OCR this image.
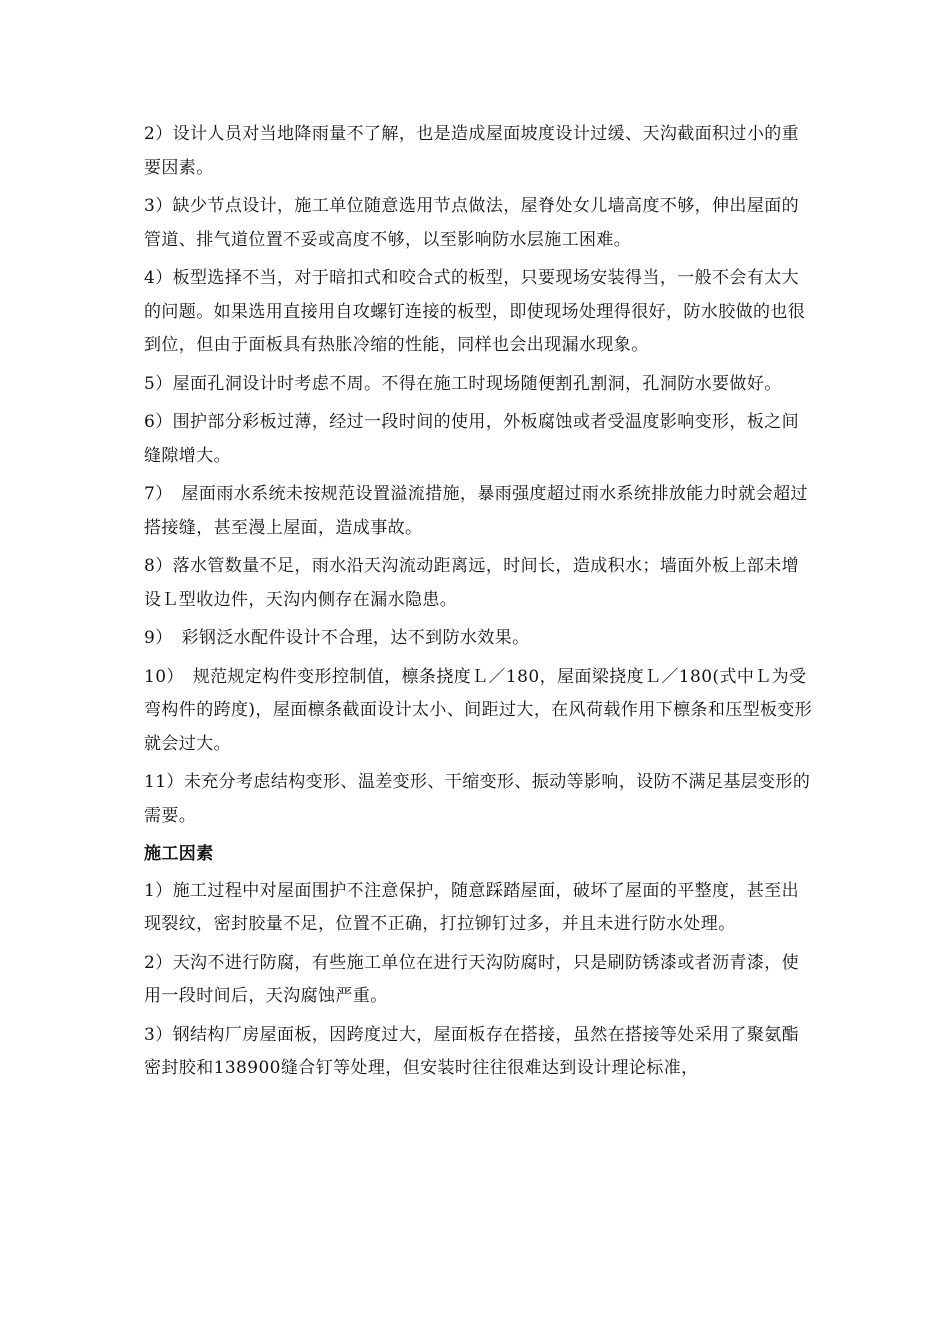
2）设计人员对当地降雨量不了解，也是造成屋面坡度设计过缓、天沟截面积过小的重要因素。

3）缺少节点设计，施工单位随意选用节点做法，屋脊处女儿墙高度不够，伸出屋面的管道、排气道位置不妥或高度不够，以至影响防水层施工困难。

4）板型选择不当，对于暗扣式和咬合式的板型，只要现场安装得当，一般不会有太大的问题。如果选用直接用自攻螺钉连接的板型，即使现场处理得很好，防水胶做的也很到位，但由于面板具有热胀冷缩的性能，同样也会出现漏水现象。

5）屋面孔洞设计时考虑不周。不得在施工时现场随便割孔割洞，孔洞防水要做好。

6）围护部分彩板过薄，经过一段时间的使用，外板腐蚀或者受温度影响变形，板之间缝隙增大。

7）　屋面雨水系统未按规范设置溢流措施，暴雨强度超过雨水系统排放能力时就会超过搭接缝，甚至漫上屋面，造成事故。

8）落水管数量不足，雨水沿天沟流动距离远，时间长，造成积水；墙面外板上部未增设Ｌ型收边件，天沟内侧存在漏水隐患。

9）　彩钢泛水配件设计不合理，达不到防水效果。

10）　规范规定构件变形控制值，檩条挠度Ｌ／180，屋面梁挠度Ｌ／180(式中Ｌ为受弯构件的跨度)，屋面檩条截面设计太小、间距过大，在风荷载作用下檩条和压型板变形就会过大。

11）未充分考虑结构变形、温差变形、干缩变形、振动等影响，设防不满足基层变形的需要。

施工因素

1）施工过程中对屋面围护不注意保护，随意踩踏屋面，破坏了屋面的平整度，甚至出现裂纹，密封胶量不足，位置不正确，打拉铆钉过多，并且未进行防水处理。

2）天沟不进行防腐，有些施工单位在进行天沟防腐时，只是刷防锈漆或者沥青漆，使用一段时间后，天沟腐蚀严重。

3）钢结构厂房屋面板，因跨度过大，屋面板存在搭接，虽然在搭接等处采用了聚氨酯密封胶和138900缝合钉等处理，但安装时往往很难达到设计理论标准，
